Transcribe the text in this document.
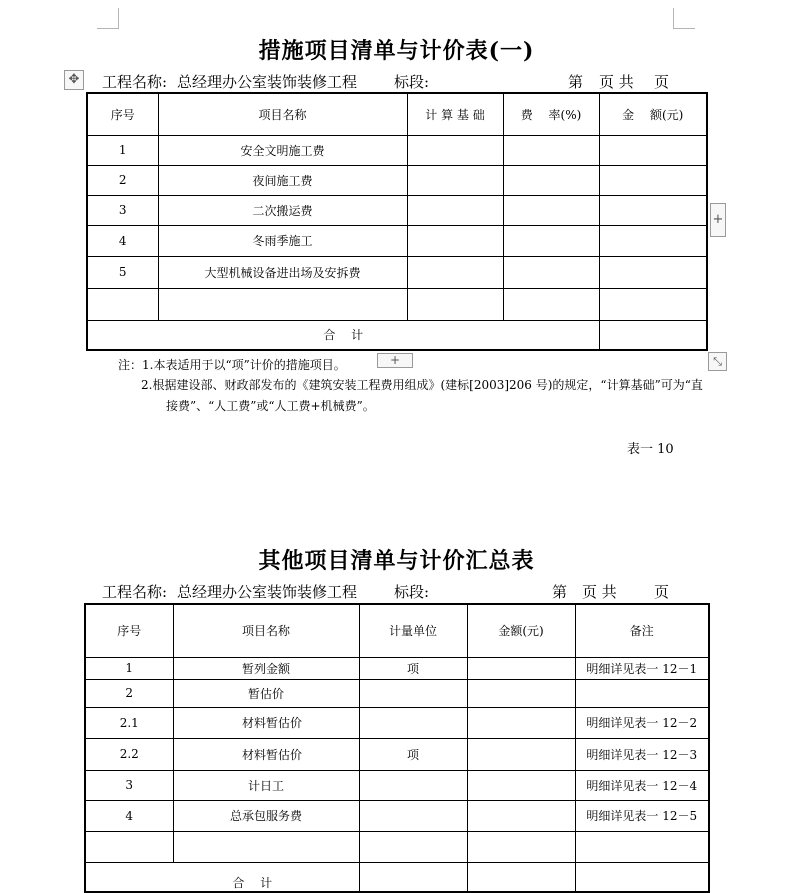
措施项目清单与计价表(一)
✥	工程名称: 总经理办公室装饰装修工程 标段:	第 页 共 页
序号	项目名称	计 算 基 础	费　 率(%)	金　 额(元)
1	安全文明施工费			
2	夜间施工费			
3	二次搬运费			
4	冬雨季施工			
5	大型机械设备进出场及安拆费			

合　 计				
+
+	⤡
注：1.本表适用于以“项”计价的措施项目。
2.根据建设部、财政部发布的《建筑安装工程费用组成》(建标[2003]206 号)的规定，“计算基础”可为“直
接费”、“人工费”或“人工费+机械费”。
表一 10
其他项目清单与计价汇总表
工程名称: 总经理办公室装饰装修工程 标段:	第 页 共 页
序号	项目名称	计量单位	金额(元)	备注
1	暂列金额	项		明细详见表一 12－1
2	暂估价			
2.1	材料暂估价			明细详见表一 12－2
2.2	材料暂估价	项		明细详见表一 12－3
3	计日工			明细详见表一 12－4
4	总承包服务费			明细详见表一 12－5

合　 计				
